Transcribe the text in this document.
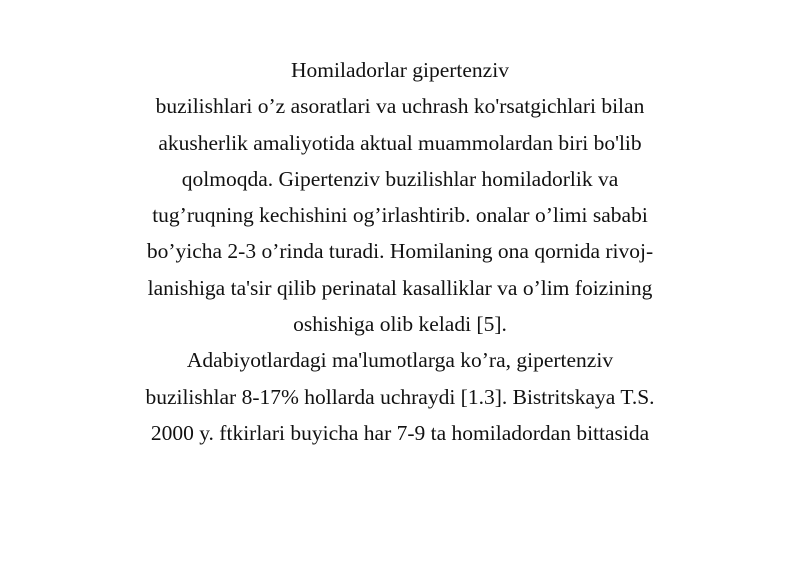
Homiladorlar gipertenziv
buzilishlari o’z asoratlari va uchrash ko'rsatgichlari bilan
akusherlik amaliyotida aktual muammolardan biri bo'lib
qolmoqda. Gipertenziv buzilishlar homiladorlik va
tug’ruqning kechishini og’irlashtirib. onalar o’limi sababi
bo’yicha 2-3 o’rinda turadi. Homilaning ona qornida rivoj-
lanishiga ta'sir qilib perinatal kasalliklar va o’lim foizining
oshishiga olib keladi [5].
Adabiyotlardagi ma'lumotlarga ko’ra, gipertenziv
buzilishlar 8-17% hollarda uchraydi [1.3]. Bistritskaya T.S.
2000 y. ftkirlari buyicha har 7-9 ta homiladordan bittasida
